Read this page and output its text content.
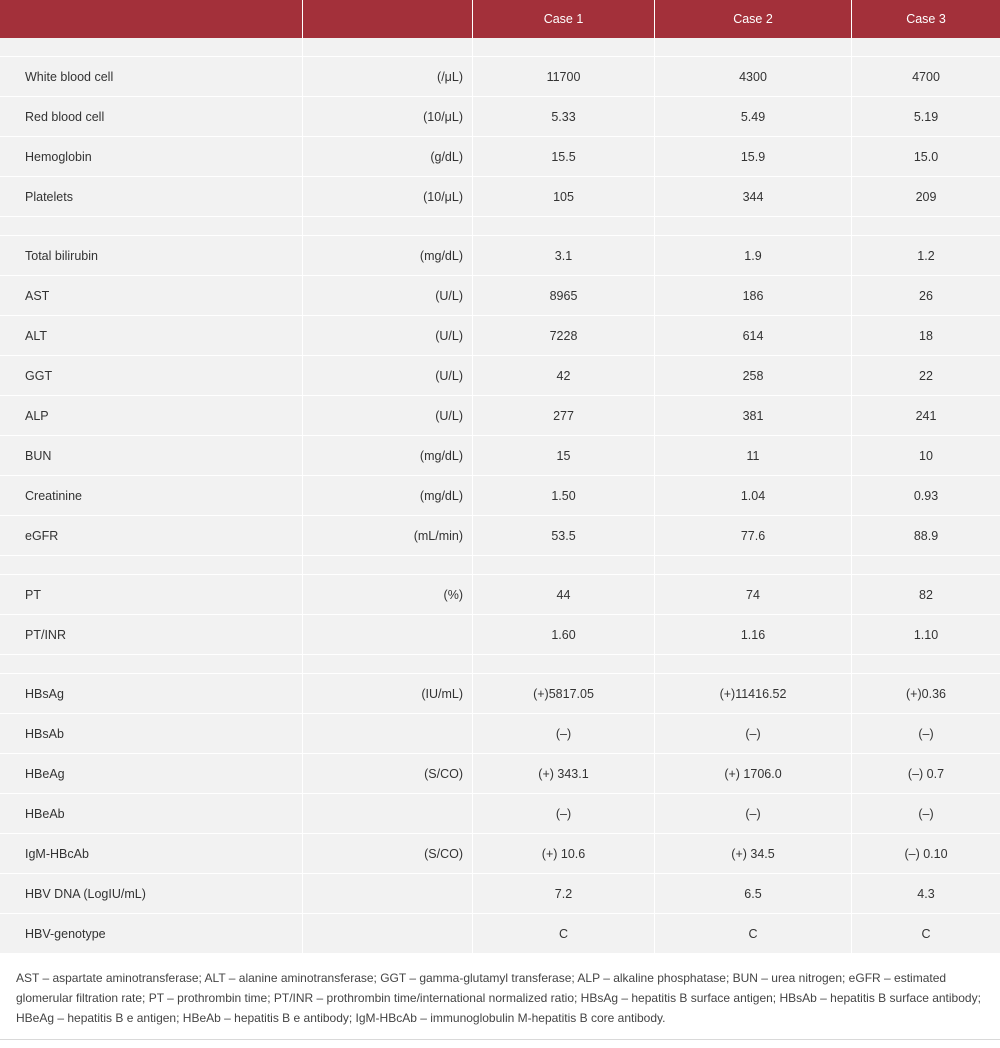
		Case 1	Case 2	Case 3

White blood cell	(/μL)	11700	4300	4700
Red blood cell	(10/μL)	5.33	5.49	5.19
Hemoglobin	(g/dL)	15.5	15.9	15.0
Platelets	(10/μL)	105	344	209

Total bilirubin	(mg/dL)	3.1	1.9	1.2
AST	(U/L)	8965	186	26
ALT	(U/L)	7228	614	18
GGT	(U/L)	42	258	22
ALP	(U/L)	277	381	241
BUN	(mg/dL)	15	11	10
Creatinine	(mg/dL)	1.50	1.04	0.93
eGFR	(mL/min)	53.5	77.6	88.9

PT	(%)	44	74	82
PT/INR		1.60	1.16	1.10

HBsAg	(IU/mL)	(+)5817.05	(+)11416.52	(+)0.36
HBsAb		(–)	(–)	(–)
HBeAg	(S/CO)	(+) 343.1	(+) 1706.0	(–) 0.7
HBeAb		(–)	(–)	(–)
IgM-HBcAb	(S/CO)	(+) 10.6	(+) 34.5	(–) 0.10
HBV DNA (LogIU/mL)		7.2	6.5	4.3
HBV-genotype		C	C	C
AST – aspartate aminotransferase; ALT – alanine aminotransferase; GGT – gamma-glutamyl transferase; ALP – alkaline phosphatase; BUN – urea nitrogen; eGFR – estimated glomerular filtration rate; PT – prothrombin time; PT/INR – prothrombin time/international normalized ratio; HBsAg – hepatitis B surface antigen; HBsAb – hepatitis B surface antibody; HBeAg – hepatitis B e antigen; HBeAb – hepatitis B e antibody; IgM-HBcAb – immunoglobulin M-hepatitis B core antibody.
